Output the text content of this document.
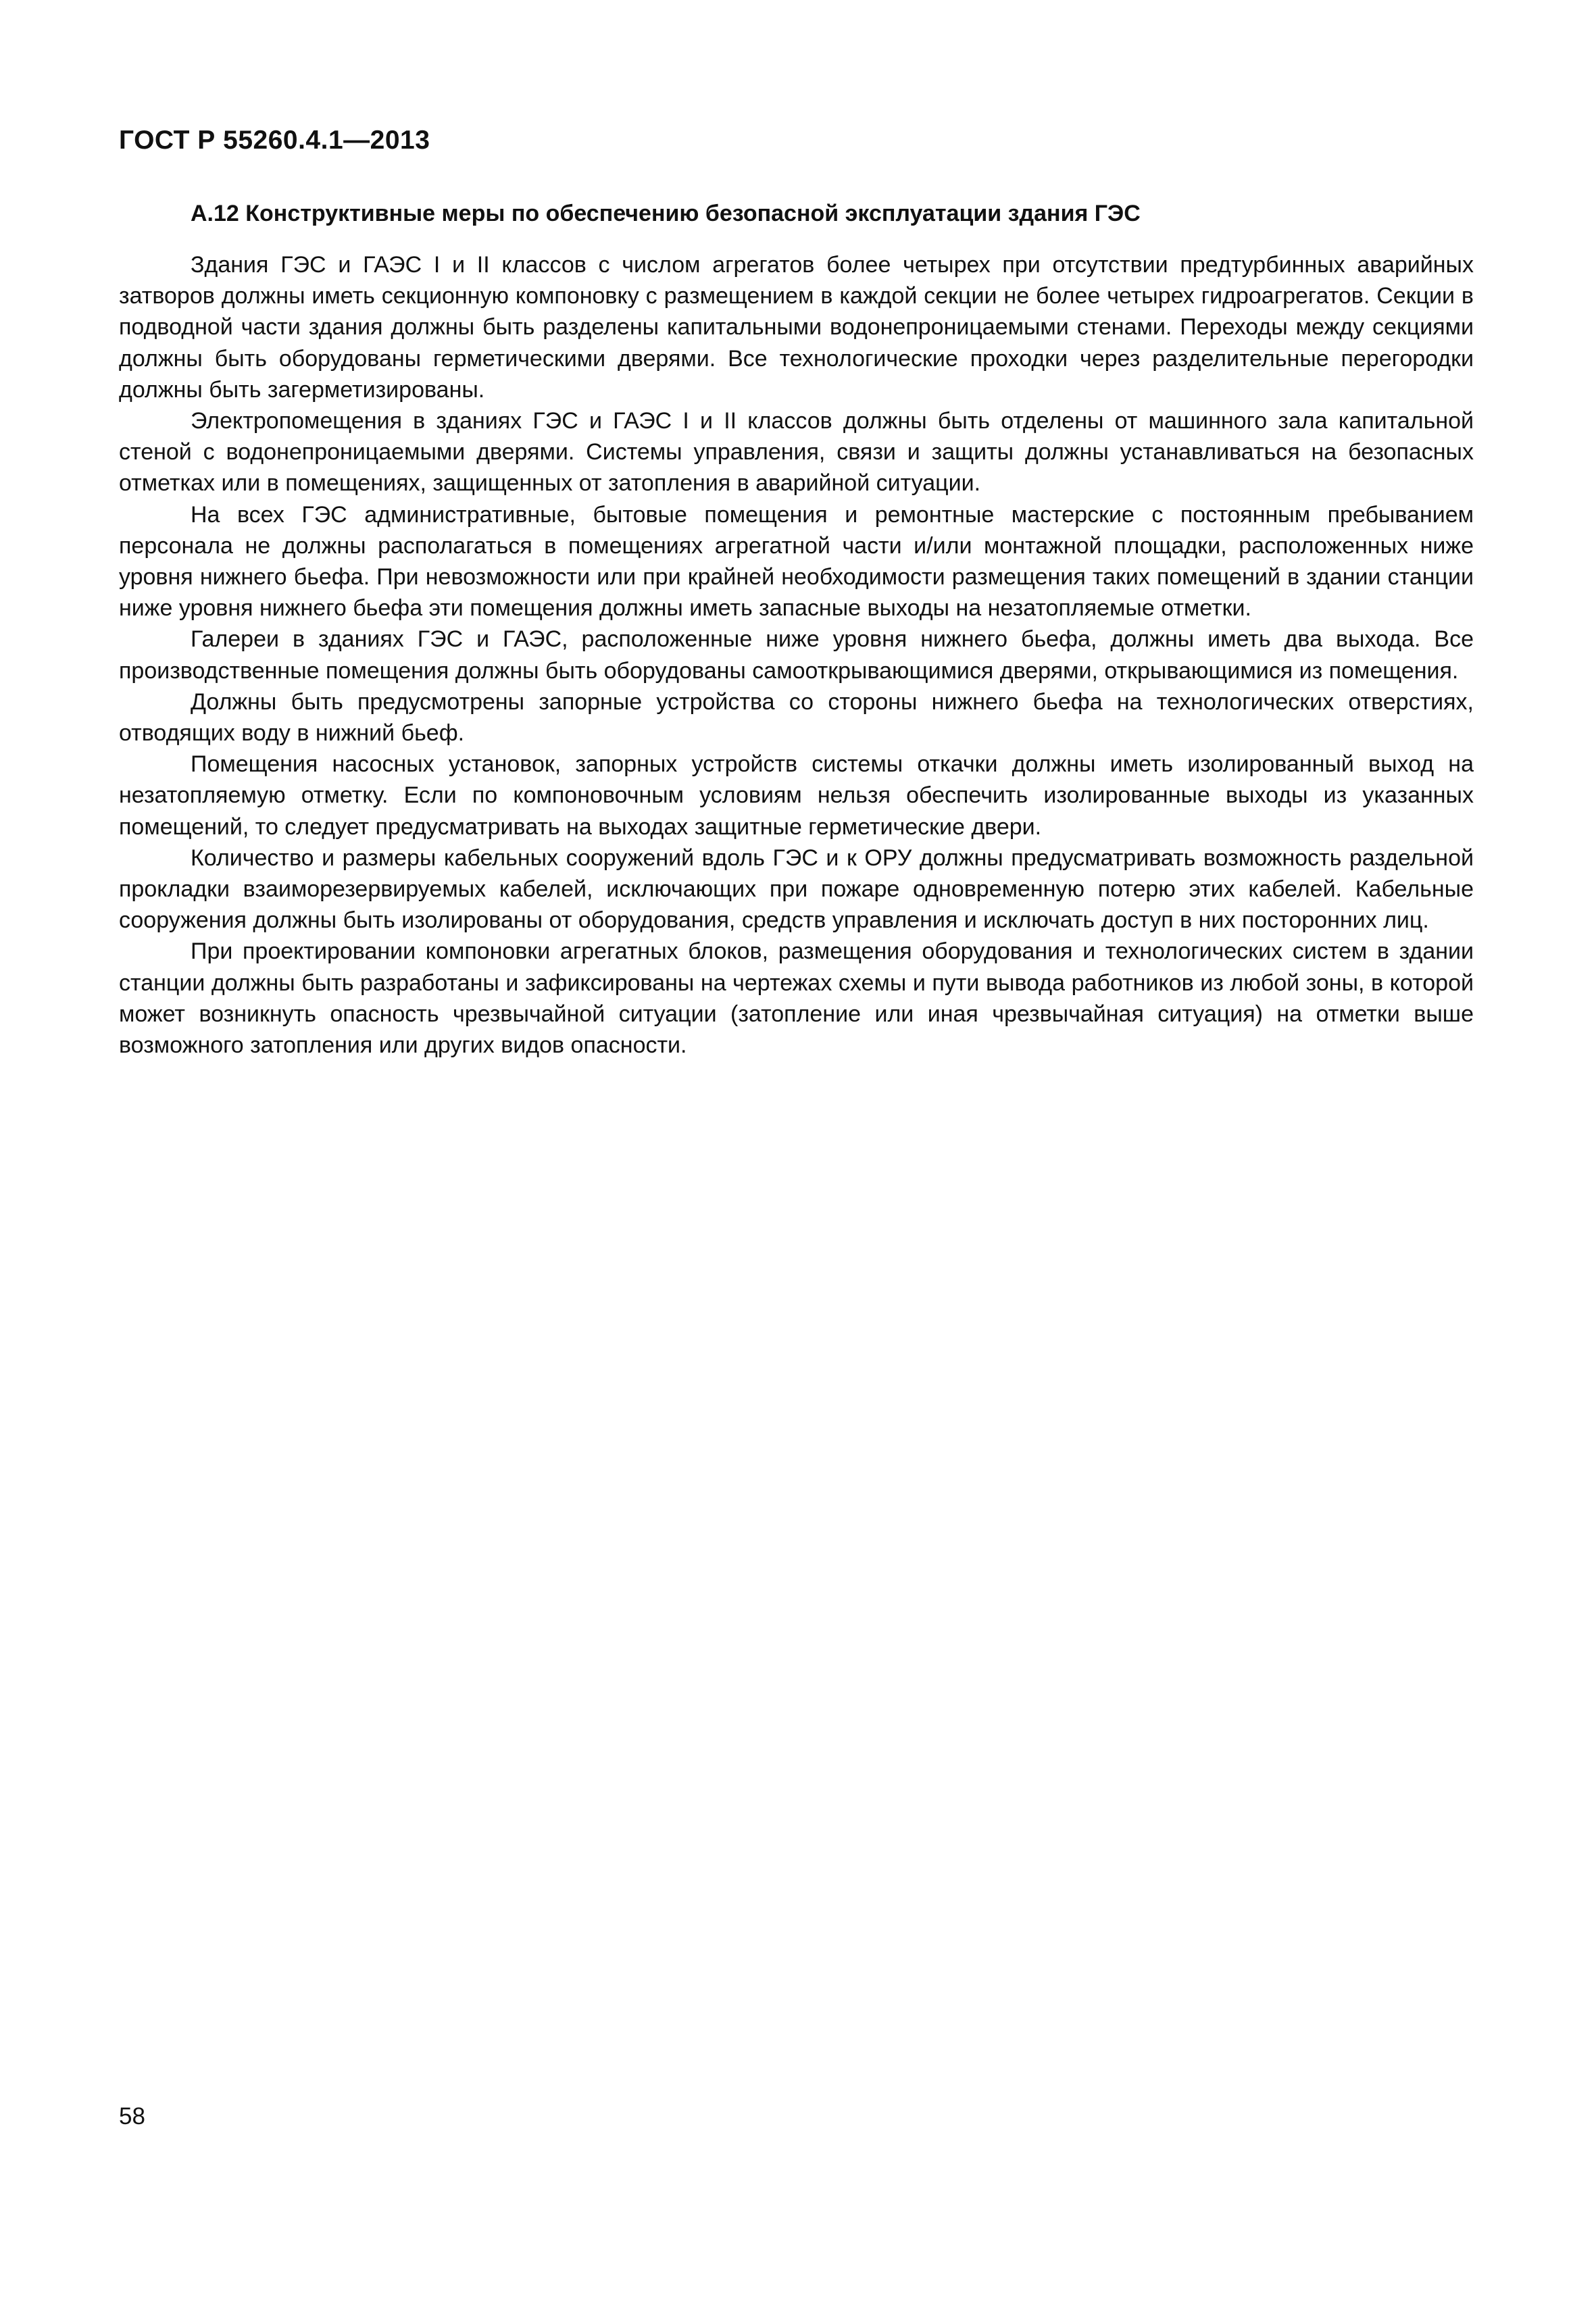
ГОСТ Р 55260.4.1—2013
А.12 Конструктивные меры по обеспечению безопасной эксплуатации здания ГЭС

Здания ГЭС и ГАЭС I и II классов с числом агрегатов более четырех при отсутствии предтурбинных аварийных затворов должны иметь секционную компоновку с размещением в каждой секции не более четырех гидроагрегатов. Секции в подводной части здания должны быть разделены капитальными водонепроницаемыми стенами. Переходы между секциями должны быть оборудованы герметическими дверями. Все технологические проходки через разделительные перегородки должны быть загерметизированы.

Электропомещения в зданиях ГЭС и ГАЭС I и II классов должны быть отделены от машинного зала капитальной стеной с водонепроницаемыми дверями. Системы управления, связи и защиты должны устанавливаться на безопасных отметках или в помещениях, защищенных от затопления в аварийной ситуации.

На всех ГЭС административные, бытовые помещения и ремонтные мастерские с постоянным пребыванием персонала не должны располагаться в помещениях агрегатной части и/или монтажной площадки, расположенных ниже уровня нижнего бьефа. При невозможности или при крайней необходимости размещения таких помещений в здании станции ниже уровня нижнего бьефа эти помещения должны иметь запасные выходы на незатопляемые отметки.

Галереи в зданиях ГЭС и ГАЭС, расположенные ниже уровня нижнего бьефа, должны иметь два выхода. Все производственные помещения должны быть оборудованы самооткрывающимися дверями, открывающимися из помещения.

Должны быть предусмотрены запорные устройства со стороны нижнего бьефа на технологических отверстиях, отводящих воду в нижний бьеф.

Помещения насосных установок, запорных устройств системы откачки должны иметь изолированный выход на незатопляемую отметку. Если по компоновочным условиям нельзя обеспечить изолированные выходы из указанных помещений, то следует предусматривать на выходах защитные герметические двери.

Количество и размеры кабельных сооружений вдоль ГЭС и к ОРУ должны предусматривать возможность раздельной прокладки взаиморезервируемых кабелей, исключающих при пожаре одновременную потерю этих кабелей. Кабельные сооружения должны быть изолированы от оборудования, средств управления и исключать доступ в них посторонних лиц.

При проектировании компоновки агрегатных блоков, размещения оборудования и технологических систем в здании станции должны быть разработаны и зафиксированы на чертежах схемы и пути вывода работников из любой зоны, в которой может возникнуть опасность чрезвычайной ситуации (затопление или иная чрезвычайная ситуация) на отметки выше возможного затопления или других видов опасности.

58
